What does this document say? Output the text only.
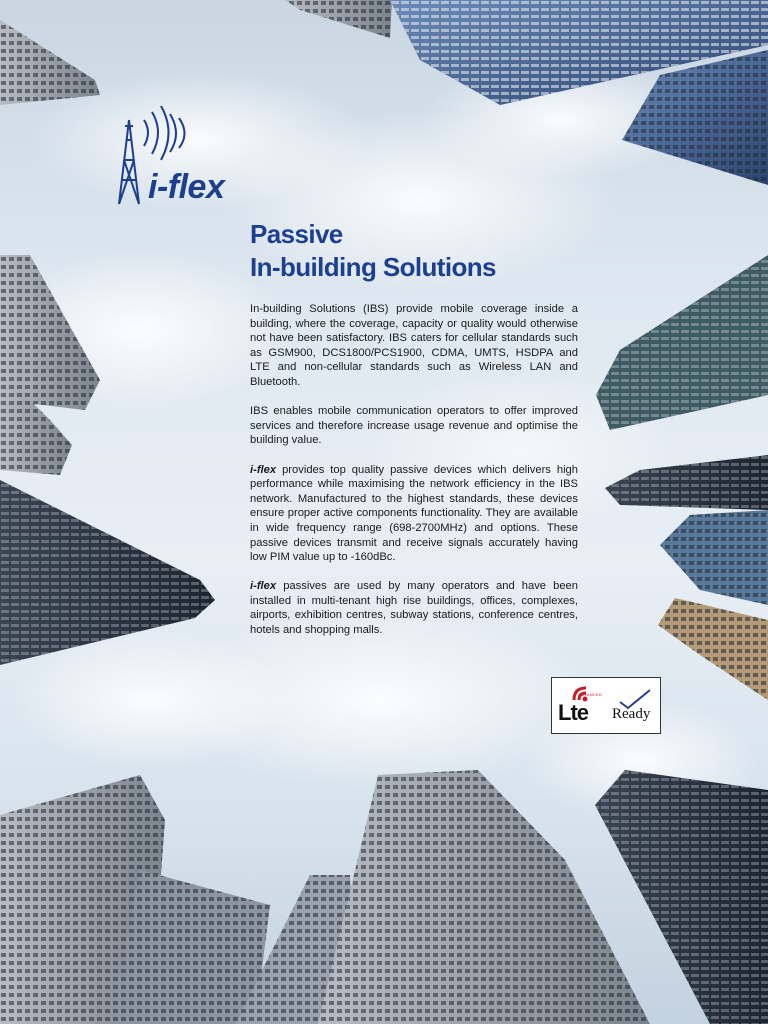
i-flex
Passive
In-building Solutions

In-building Solutions (IBS) provide mobile coverage inside a building, where the coverage, capacity or quality would otherwise not have been satisfactory. IBS caters for cellular standards such as GSM900, DCS1800/PCS1900, CDMA, UMTS, HSDPA and LTE and non-cellular standards such as Wireless LAN and Bluetooth.

IBS enables mobile communication operators to offer improved services and therefore increase usage revenue and optimise the building value.

i-flex provides top quality passive devices which delivers high performance while maximising the network efficiency in the IBS network. Manufactured to the highest standards, these devices ensure proper active components functionality. They are available in wide frequency range (698-2700MHz) and options. These passive devices transmit and receive signals accurately having low PIM value up to -160dBc.

i-flex passives are used by many operators and have been installed in multi-tenant high rise buildings, offices, complexes, airports, exhibition centres, subway stations, conference centres, hotels and shopping malls.

ADVANCED
Lte Ready
